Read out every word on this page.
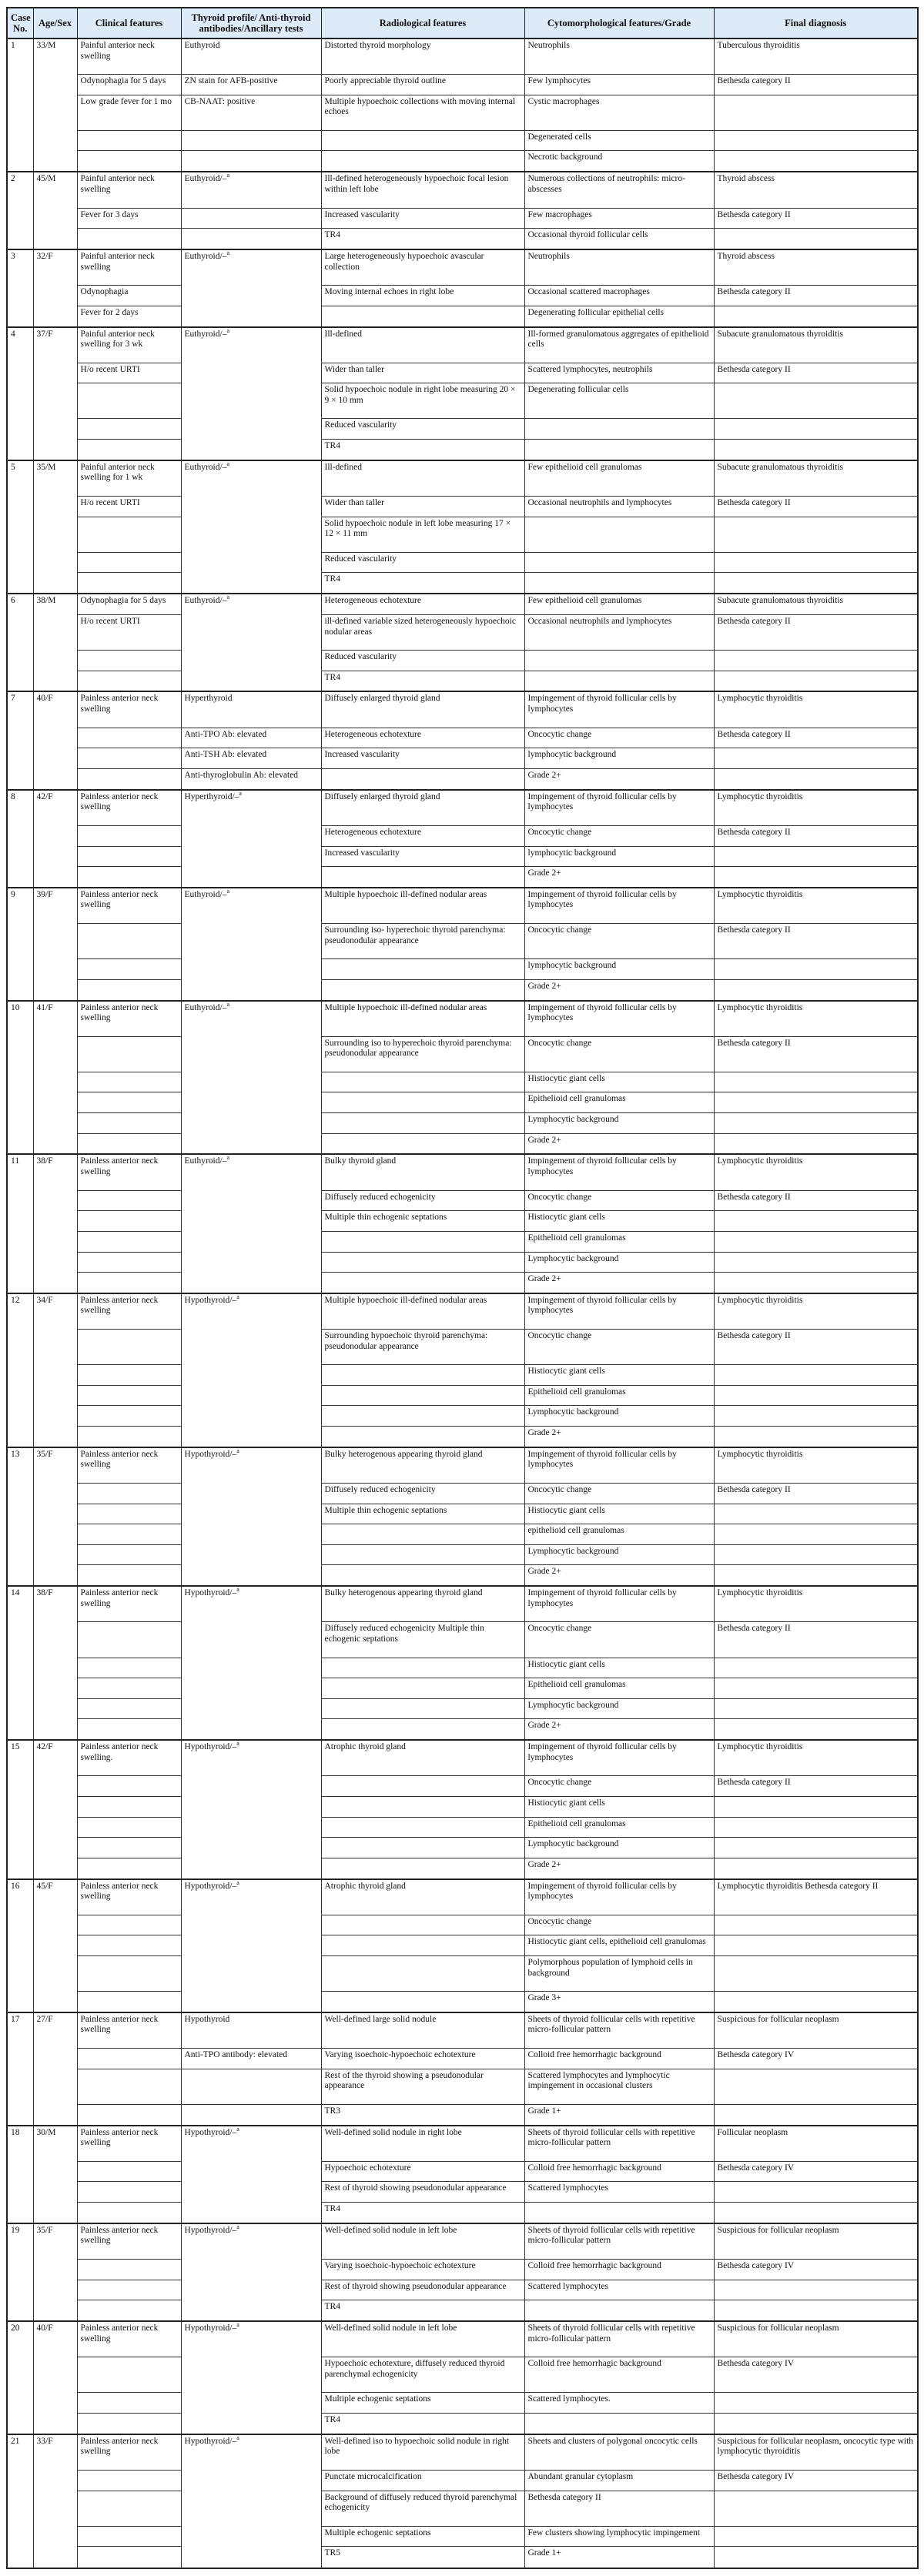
Case No.	Age/Sex	Clinical features	Thyroid profile/ Anti-thyroid antibodies/Ancillary tests	Radiological features	Cytomorphological features/Grade	Final diagnosis
1	33/M	Painful anterior neck swelling	Euthyroid	Distorted thyroid morphology	Neutrophils	Tuberculous thyroiditis
		Odynophagia for 5 days	ZN stain for AFB-positive	Poorly appreciable thyroid outline	Few lymphocytes	Bethesda category II
		Low grade fever for 1 mo	CB-NAAT: positive	Multiple hypoechoic collections with moving internal echoes	Cystic macrophages	
					Degenerated cells	
					Necrotic background	
2	45/M	Painful anterior neck swelling	Euthyroid/–$^a$	Ill-defined heterogeneously hypoechoic focal lesion within left lobe	Numerous collections of neutrophils: micro-abscesses	Thyroid abscess
		Fever for 3 days		Increased vascularity	Few macrophages	Bethesda category II
				TR4	Occasional thyroid follicular cells	
3	32/F	Painful anterior neck swelling	Euthyroid/–$^a$	Large heterogeneously hypoechoic avascular collection	Neutrophils	Thyroid abscess
		Odynophagia		Moving internal echoes in right lobe	Occasional scattered macrophages	Bethesda category II
		Fever for 2 days			Degenerating follicular epithelial cells	
4	37/F	Painful anterior neck swelling for 3 wk	Euthyroid/–$^a$	Ill-defined	Ill-formed granulomatous aggregates of epithelioid cells	Subacute granulomatous thyroiditis
		H/o recent URTI		Wider than taller	Scattered lymphocytes, neutrophils	Bethesda category II
				Solid hypoechoic nodule in right lobe measuring 20 × 9 × 10 mm	Degenerating follicular cells	
				Reduced vascularity		
				TR4		
5	35/M	Painful anterior neck swelling for 1 wk	Euthyroid/–$^a$	Ill-defined	Few epithelioid cell granulomas	Subacute granulomatous thyroiditis
		H/o recent URTI		Wider than taller	Occasional neutrophils and lymphocytes	Bethesda category II
				Solid hypoechoic nodule in left lobe measuring 17 × 12 × 11 mm		
				Reduced vascularity		
				TR4		
6	38/M	Odynophagia for 5 days	Euthyroid/–$^a$	Heterogeneous echotexture	Few epithelioid cell granulomas	Subacute granulomatous thyroiditis
		H/o recent URTI		ill-defined variable sized heterogeneously hypoechoic nodular areas	Occasional neutrophils and lymphocytes	Bethesda category II
				Reduced vascularity		
				TR4		
7	40/F	Painless anterior neck swelling	Hyperthyroid	Diffusely enlarged thyroid gland	Impingement of thyroid follicular cells by lymphocytes	Lymphocytic thyroiditis
			Anti-TPO Ab: elevated	Heterogeneous echotexture	Oncocytic change	Bethesda category II
			Anti-TSH Ab: elevated	Increased vascularity	lymphocytic background	
			Anti-thyroglobulin Ab: elevated		Grade 2+	
8	42/F	Painless anterior neck swelling	Hyperthyroid/–$^a$	Diffusely enlarged thyroid gland	Impingement of thyroid follicular cells by lymphocytes	Lymphocytic thyroiditis
				Heterogeneous echotexture	Oncocytic change	Bethesda category II
				Increased vascularity	lymphocytic background	
					Grade 2+	
9	39/F	Painless anterior neck swelling	Euthyroid/–$^a$	Multiple hypoechoic ill-defined nodular areas	Impingement of thyroid follicular cells by lymphocytes	Lymphocytic thyroiditis
				Surrounding iso- hyperechoic thyroid parenchyma: pseudonodular appearance	Oncocytic change	Bethesda category II
					lymphocytic background	
					Grade 2+	
10	41/F	Painless anterior neck swelling	Euthyroid/–$^a$	Multiple hypoechoic ill-defined nodular areas	Impingement of thyroid follicular cells by lymphocytes	Lymphocytic thyroiditis
				Surrounding iso to hyperechoic thyroid parenchyma: pseudonodular appearance	Oncocytic change	Bethesda category II
					Histiocytic giant cells	
					Epithelioid cell granulomas	
					Lymphocytic background	
					Grade 2+	
11	38/F	Painless anterior neck swelling	Euthyroid/–$^a$	Bulky thyroid gland	Impingement of thyroid follicular cells by lymphocytes	Lymphocytic thyroiditis
				Diffusely reduced echogenicity	Oncocytic change	Bethesda category II
				Multiple thin echogenic septations	Histiocytic giant cells	
					Epithelioid cell granulomas	
					Lymphocytic background	
					Grade 2+	
12	34/F	Painless anterior neck swelling	Hypothyroid/–$^a$	Multiple hypoechoic ill-defined nodular areas	Impingement of thyroid follicular cells by lymphocytes	Lymphocytic thyroiditis
				Surrounding hypoechoic thyroid parenchyma: pseudonodular appearance	Oncocytic change	Bethesda category II
					Histiocytic giant cells	
					Epithelioid cell granulomas	
					Lymphocytic background	
					Grade 2+	
13	35/F	Painless anterior neck swelling	Hypothyroid/–$^a$	Bulky heterogenous appearing thyroid gland	Impingement of thyroid follicular cells by lymphocytes	Lymphocytic thyroiditis
				Diffusely reduced echogenicity	Oncocytic change	Bethesda category II
				Multiple thin echogenic septations	Histiocytic giant cells	
					epithelioid cell granulomas	
					Lymphocytic background	
					Grade 2+	
14	38/F	Painless anterior neck swelling	Hypothyroid/–$^a$	Bulky heterogenous appearing thyroid gland	Impingement of thyroid follicular cells by lymphocytes	Lymphocytic thyroiditis
				Diffusely reduced echogenicity Multiple thin echogenic septations	Oncocytic change	Bethesda category II
					Histiocytic giant cells	
					Epithelioid cell granulomas	
					Lymphocytic background	
					Grade 2+	
15	42/F	Painless anterior neck swelling.	Hypothyroid/–$^a$	Atrophic thyroid gland	Impingement of thyroid follicular cells by lymphocytes	Lymphocytic thyroiditis
					Oncocytic change	Bethesda category II
					Histiocytic giant cells	
					Epithelioid cell granulomas	
					Lymphocytic background	
					Grade 2+	
16	45/F	Painless anterior neck swelling	Hypothyroid/–$^a$	Atrophic thyroid gland	Impingement of thyroid follicular cells by lymphocytes	Lymphocytic thyroiditis Bethesda category II
					Oncocytic change	
					Histiocytic giant cells, epithelioid cell granulomas	
					Polymorphous population of lymphoid cells in background	
					Grade 3+	
17	27/F	Painless anterior neck swelling	Hypothyroid	Well-defined large solid nodule	Sheets of thyroid follicular cells with repetitive micro-follicular pattern	Suspicious for follicular neoplasm
			Anti-TPO antibody: elevated	Varying isoechoic-hypoechoic echotexture	Colloid free hemorrhagic background	Bethesda category IV
				Rest of the thyroid showing a pseudonodular appearance	Scattered lymphocytes and lymphocytic impingement in occasional clusters	
				TR3	Grade 1+	
18	30/M	Painless anterior neck swelling	Hypothyroid/–$^a$	Well-defined solid nodule in right lobe	Sheets of thyroid follicular cells with repetitive micro-follicular pattern	Follicular neoplasm
				Hypoechoic echotexture	Colloid free hemorrhagic background	Bethesda category IV
				Rest of thyroid showing pseudonodular appearance	Scattered lymphocytes	
				TR4		
19	35/F	Painless anterior neck swelling	Hypothyroid/–$^a$	Well-defined solid nodule in left lobe	Sheets of thyroid follicular cells with repetitive micro-follicular pattern	Suspicious for follicular neoplasm
				Varying isoechoic-hypoechoic echotexture	Colloid free hemorrhagic background	Bethesda category IV
				Rest of thyroid showing pseudonodular appearance	Scattered lymphocytes	
				TR4		
20	40/F	Painless anterior neck swelling	Hypothyroid/–$^a$	Well-defined solid nodule in left lobe	Sheets of thyroid follicular cells with repetitive micro-follicular pattern	Suspicious for follicular neoplasm
				Hypoechoic echotexture, diffusely reduced thyroid parenchymal echogenicity	Colloid free hemorrhagic background	Bethesda category IV
				Multiple echogenic septations	Scattered lymphocytes.	
				TR4		
21	33/F	Painless anterior neck swelling	Hypothyroid/–$^a$	Well-defined iso to hypoechoic solid nodule in right lobe	Sheets and clusters of polygonal oncocytic cells	Suspicious for follicular neoplasm, oncocytic type with lymphocytic thyroiditis
				Punctate microcalcification	Abundant granular cytoplasm	Bethesda category IV
				Background of diffusely reduced thyroid parenchymal echogenicity	Bethesda category II	
				Multiple echogenic septations	Few clusters showing lymphocytic impingement	
				TR5	Grade 1+	
